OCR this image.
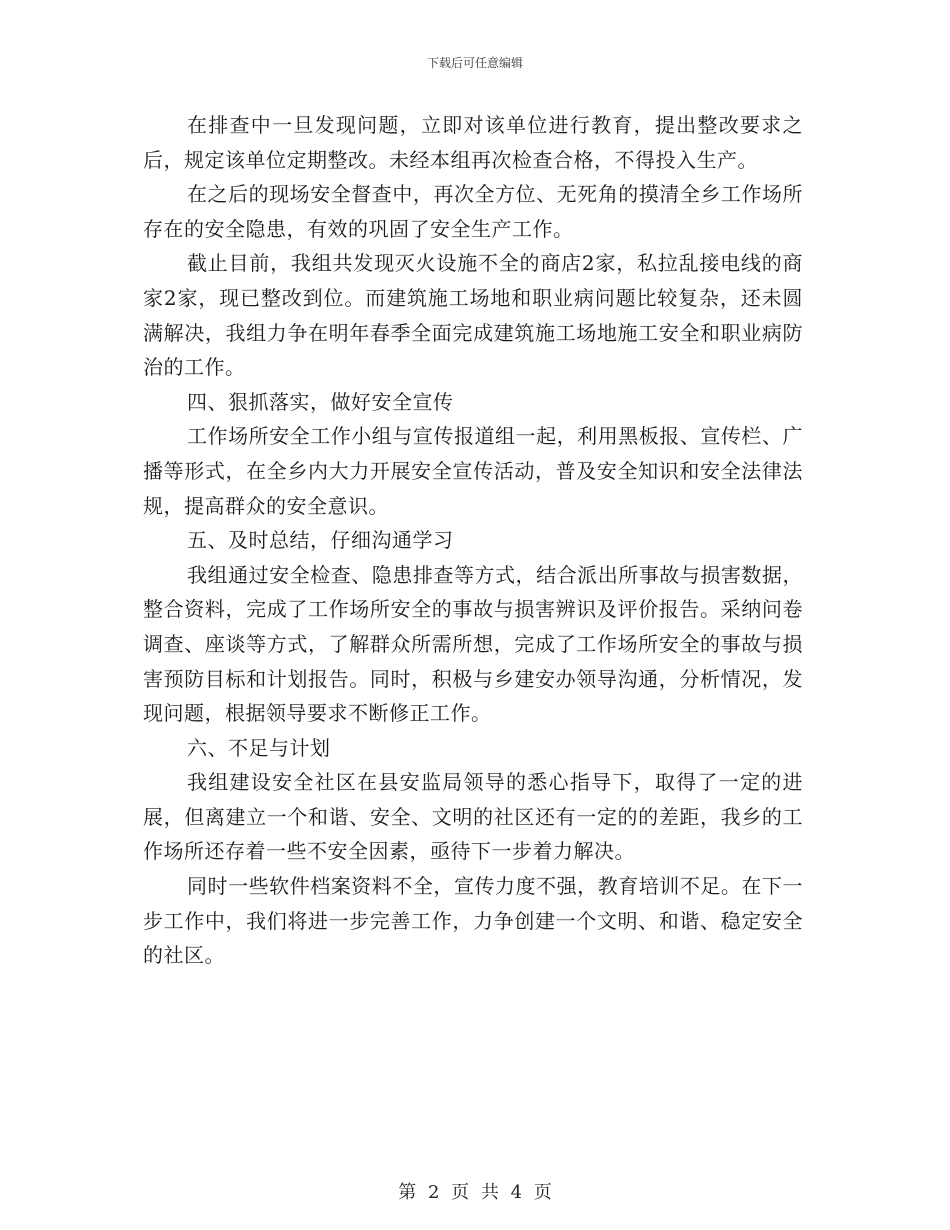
下载后可任意编辑

在排查中一旦发现问题，立即对该单位进行教育，提出整改要求之后，规定该单位定期整改。未经本组再次检查合格，不得投入生产。

在之后的现场安全督查中，再次全方位、无死角的摸清全乡工作场所存在的安全隐患，有效的巩固了安全生产工作。

截止目前，我组共发现灭火设施不全的商店2家，私拉乱接电线的商家2家，现已整改到位。而建筑施工场地和职业病问题比较复杂，还未圆满解决，我组力争在明年春季全面完成建筑施工场地施工安全和职业病防治的工作。

四、狠抓落实，做好安全宣传

工作场所安全工作小组与宣传报道组一起，利用黑板报、宣传栏、广播等形式，在全乡内大力开展安全宣传活动，普及安全知识和安全法律法规，提高群众的安全意识。

五、及时总结，仔细沟通学习

我组通过安全检查、隐患排查等方式，结合派出所事故与损害数据，整合资料，完成了工作场所安全的事故与损害辨识及评价报告。采纳问卷调查、座谈等方式，了解群众所需所想，完成了工作场所安全的事故与损害预防目标和计划报告。同时，积极与乡建安办领导沟通，分析情况，发现问题，根据领导要求不断修正工作。

六、不足与计划

我组建设安全社区在县安监局领导的悉心指导下，取得了一定的进展，但离建立一个和谐、安全、文明的社区还有一定的的差距，我乡的工作场所还存着一些不安全因素，亟待下一步着力解决。

同时一些软件档案资料不全，宣传力度不强，教育培训不足。在下一步工作中，我们将进一步完善工作，力争创建一个文明、和谐、稳定安全的社区。

第 2 页 共 4 页
